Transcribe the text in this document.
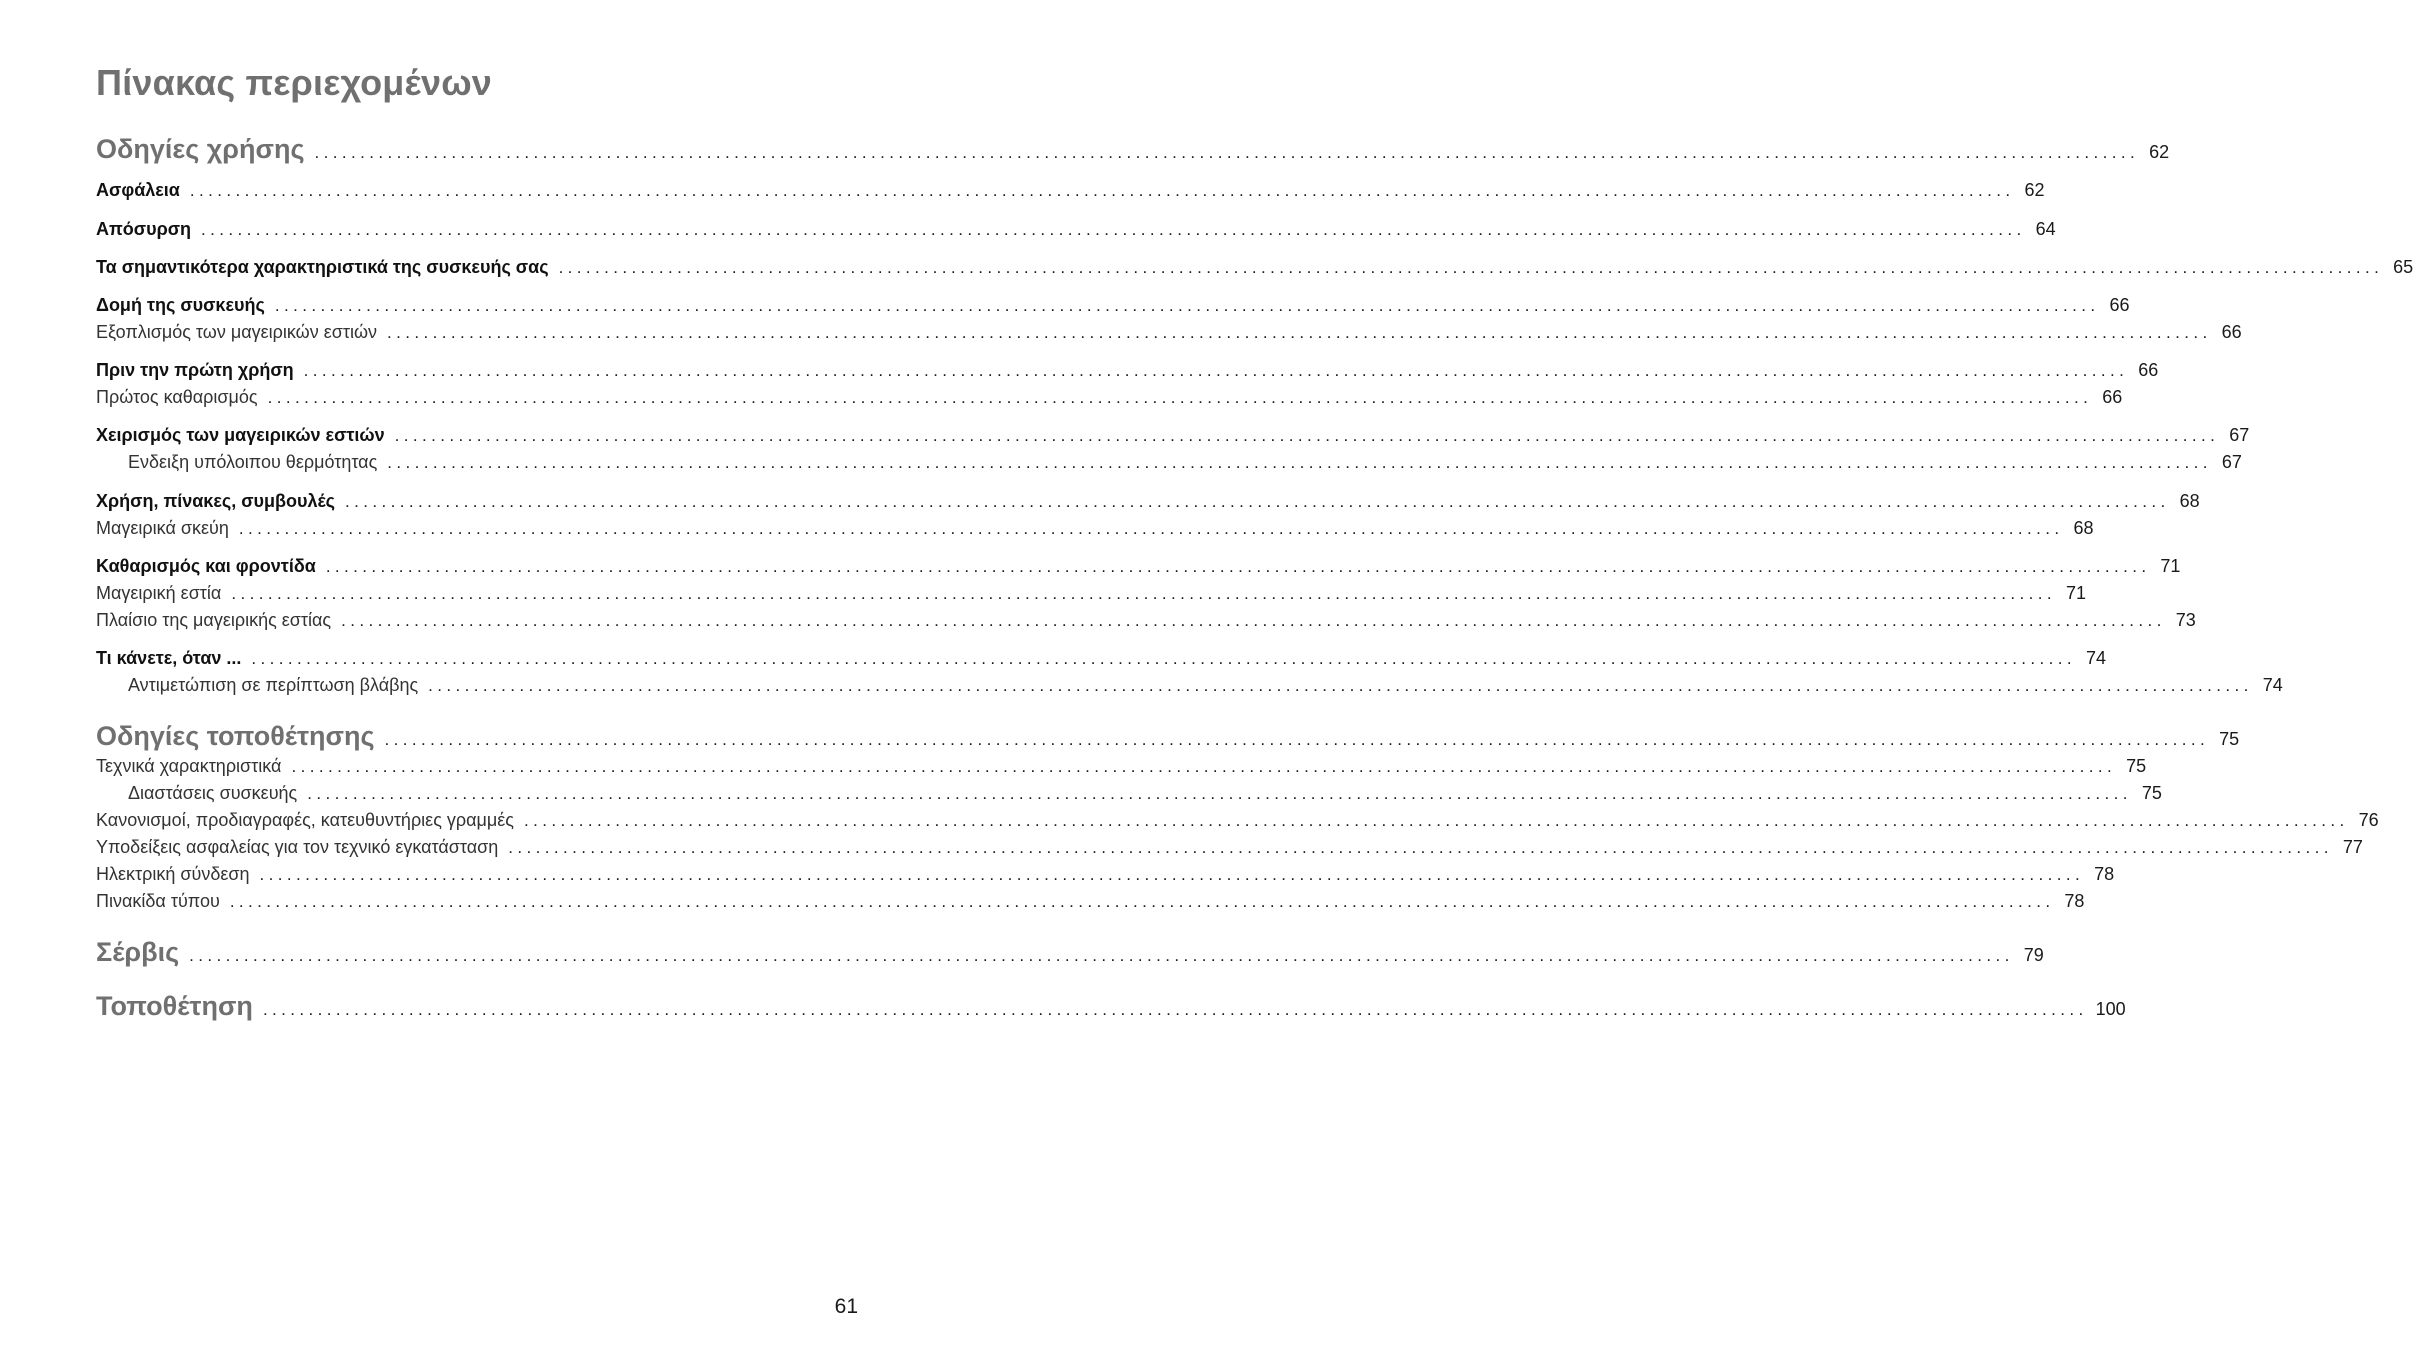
Πίνακας περιεχομένων
Οδηγίες χρήσης ........................................................................................................................................................................................................ 62
Ασφάλεια ........................................................................................................................................................................................................ 62
Απόσυρση ........................................................................................................................................................................................................ 64
Τα σημαντικότερα χαρακτηριστικά της συσκευής σας ........................................................................................................................................................................................................ 65
Δομή της συσκευής ........................................................................................................................................................................................................ 66
Εξοπλισμός των μαγειρικών εστιών ........................................................................................................................................................................................................ 66
Πριν την πρώτη χρήση ........................................................................................................................................................................................................ 66
Πρώτος καθαρισμός ........................................................................................................................................................................................................ 66
Χειρισμός των μαγειρικών εστιών ........................................................................................................................................................................................................ 67
Ενδειξη υπόλοιπου θερμότητας ........................................................................................................................................................................................................ 67
Χρήση, πίνακες, συμβουλές ........................................................................................................................................................................................................ 68
Μαγειρικά σκεύη ........................................................................................................................................................................................................ 68
Καθαρισμός και φροντίδα ........................................................................................................................................................................................................ 71
Μαγειρική εστία ........................................................................................................................................................................................................ 71
Πλαίσιο της μαγειρικής εστίας ........................................................................................................................................................................................................ 73
Τι κάνετε, όταν ... ........................................................................................................................................................................................................ 74
Αντιμετώπιση σε περίπτωση βλάβης ........................................................................................................................................................................................................ 74
Οδηγίες τοποθέτησης ........................................................................................................................................................................................................ 75
Τεχνικά χαρακτηριστικά ........................................................................................................................................................................................................ 75
Διαστάσεις συσκευής ........................................................................................................................................................................................................ 75
Κανονισμοί, προδιαγραφές, κατευθυντήριες γραμμές ........................................................................................................................................................................................................ 76
Υποδείξεις ασφαλείας για τον τεχνικό εγκατάσταση ........................................................................................................................................................................................................ 77
Ηλεκτρική σύνδεση ........................................................................................................................................................................................................ 78
Πινακίδα τύπου ........................................................................................................................................................................................................ 78
Σέρβις ........................................................................................................................................................................................................ 79
Τοποθέτηση ........................................................................................................................................................................................................ 100
61
